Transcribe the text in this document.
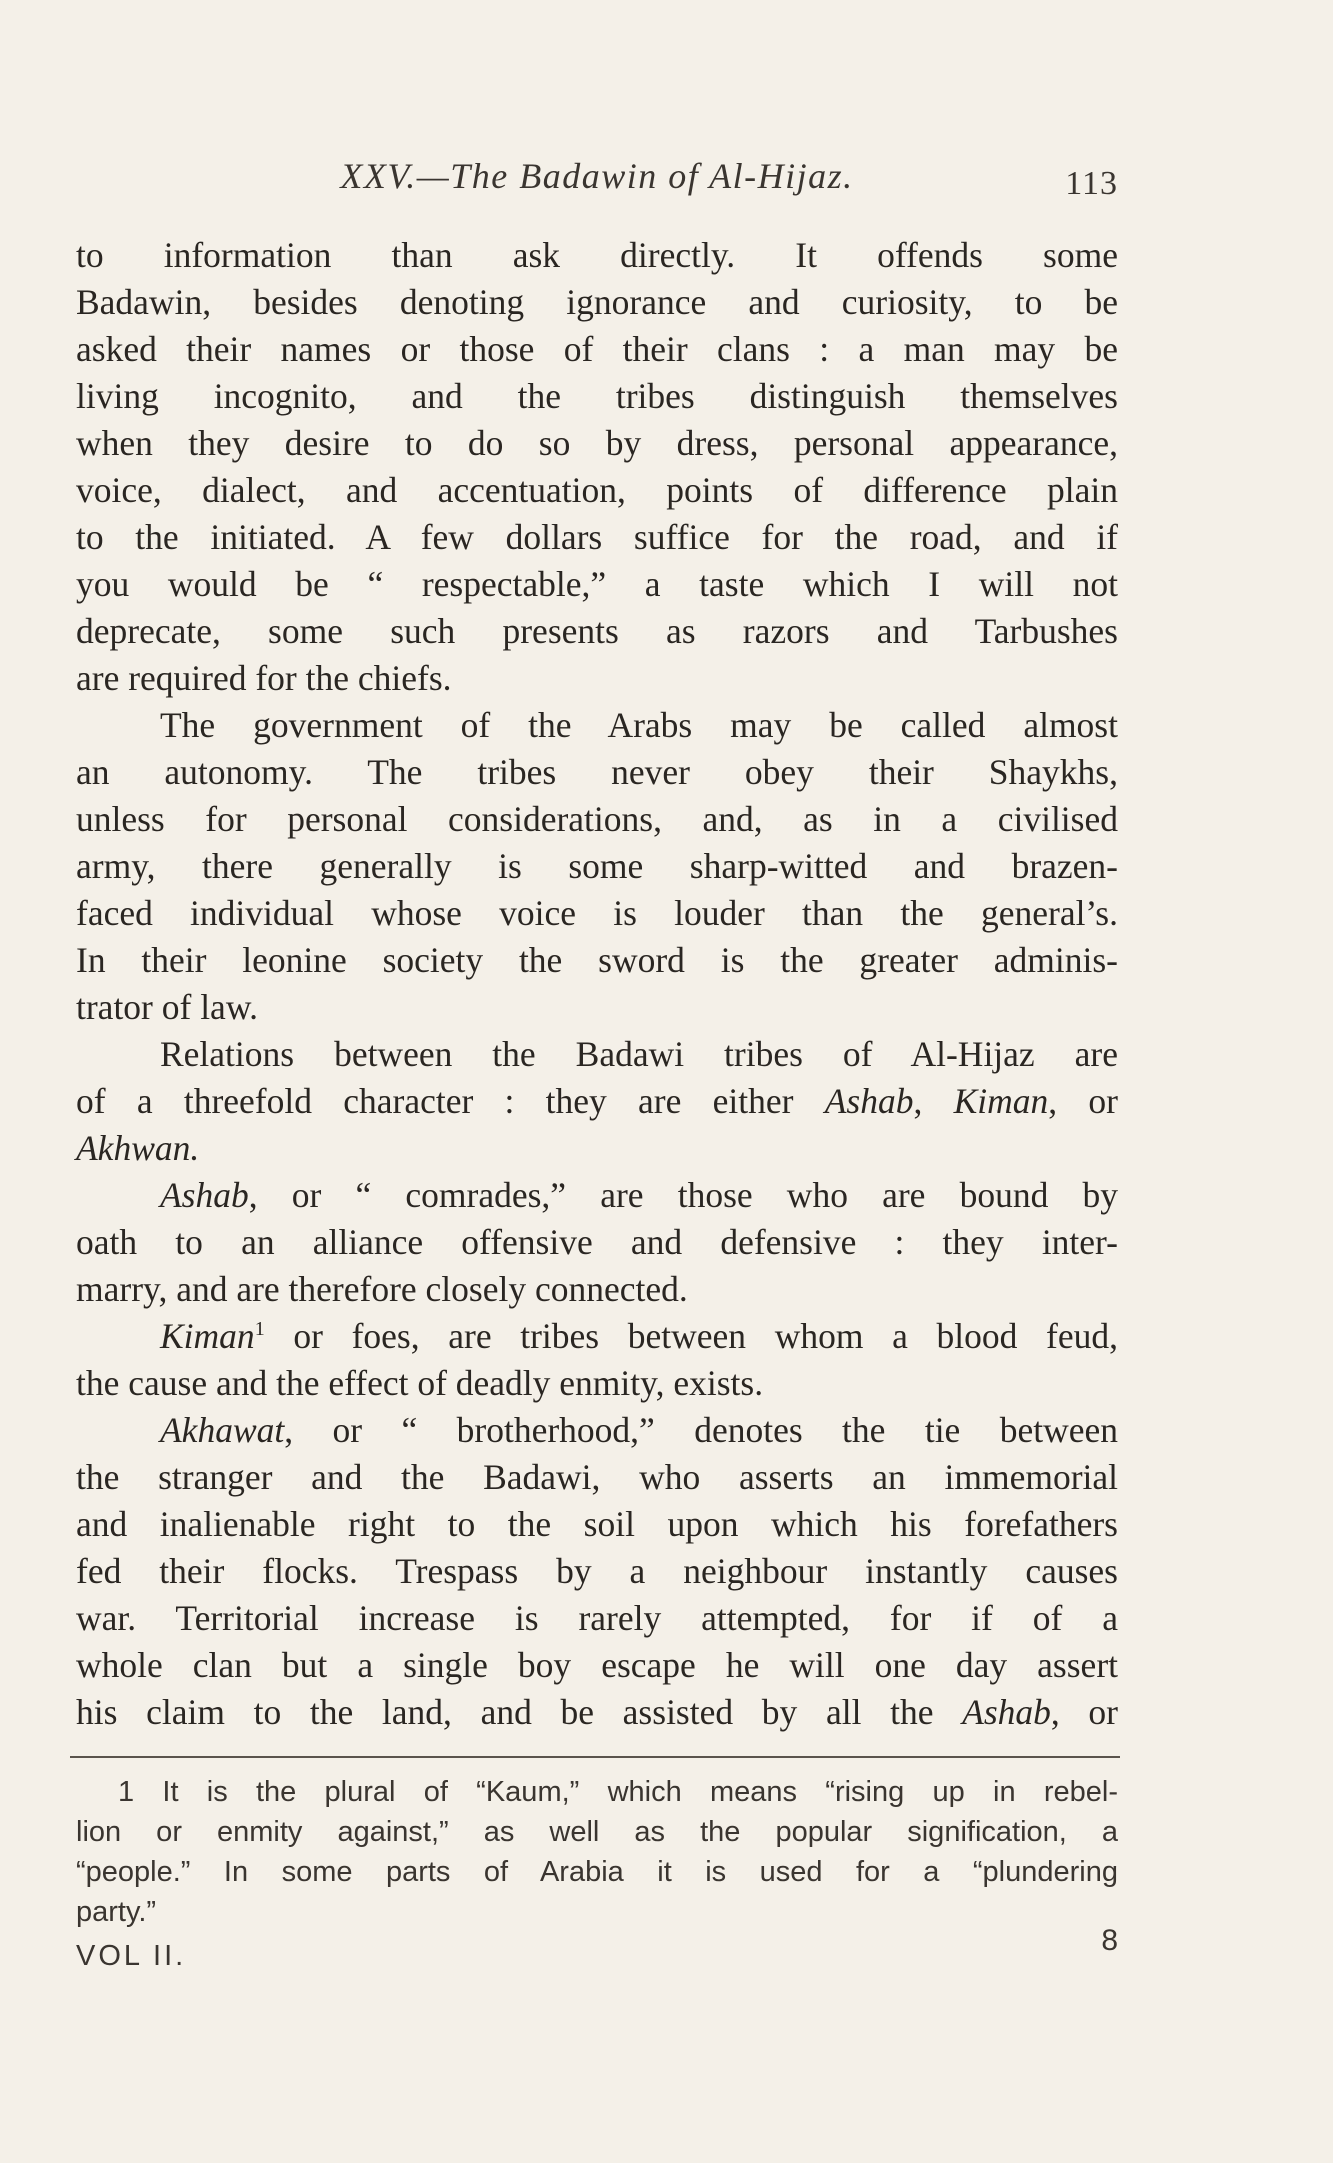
XXV.—The Badawin of Al-Hijaz.	113
to information than ask directly. It offends some
Badawin, besides denoting ignorance and curiosity, to be
asked their names or those of their clans : a man may be
living incognito, and the tribes distinguish themselves
when they desire to do so by dress, personal appearance,
voice, dialect, and accentuation, points of difference plain
to the initiated. A few dollars suffice for the road, and if
you would be “ respectable,” a taste which I will not
deprecate, some such presents as razors and Tarbushes
are required for the chiefs.
The government of the Arabs may be called almost
an autonomy. The tribes never obey their Shaykhs,
unless for personal considerations, and, as in a civilised
army, there generally is some sharp-witted and brazen-
faced individual whose voice is louder than the general’s.
In their leonine society the sword is the greater adminis-
trator of law.
Relations between the Badawi tribes of Al-Hijaz are
of a threefold character : they are either Ashab, Kiman, or
Akhwan.
Ashab, or “ comrades,” are those who are bound by
oath to an alliance offensive and defensive : they inter-
marry, and are therefore closely connected.
Kiman$^1$ or foes, are tribes between whom a blood feud,
the cause and the effect of deadly enmity, exists.
Akhawat, or “ brotherhood,” denotes the tie between
the stranger and the Badawi, who asserts an immemorial
and inalienable right to the soil upon which his forefathers
fed their flocks. Trespass by a neighbour instantly causes
war. Territorial increase is rarely attempted, for if of a
whole clan but a single boy escape he will one day assert
his claim to the land, and be assisted by all the Ashab, or
1 It is the plural of “Kaum,” which means “rising up in rebel-
lion or enmity against,” as well as the popular signification, a
“people.” In some parts of Arabia it is used for a “plundering
party.”
VOL II.	8
